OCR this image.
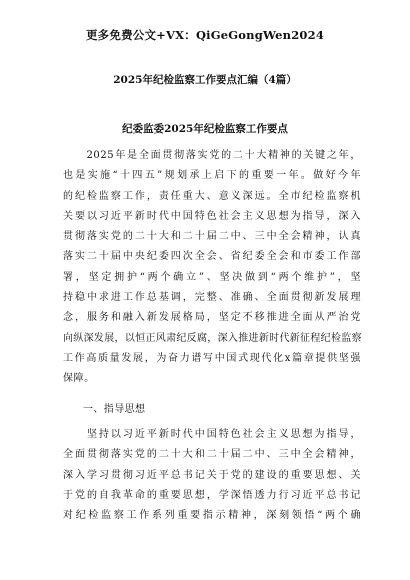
更多免费公文+VX：QiGeGongWen2024
2025年纪检监察工作要点汇编（4篇）
纪委监委2025年纪检监察工作要点
　　2025年是全面贯彻落实党的二十大精神的关键之年，
也是实施“十四五”规划承上启下的重要一年。做好今年
的纪检监察工作，责任重大、意义深远。全市纪检监察机
关要以习近平新时代中国特色社会主义思想为指导，深入
贯彻落实党的二十大和二十届二中、三中全会精神，认真
落实二十届中央纪委四次全会、省纪委全会和市委工作部
署，坚定拥护“两个确立”、坚决做到“两个维护”，坚
持稳中求进工作总基调，完整、准确、全面贯彻新发展理
念，服务和融入新发展格局，坚定不移推进全面从严治党
向纵深发展，以恒正风肃纪反腐，深入推进新时代新征程纪检监察
工作高质量发展，为奋力谱写中国式现代化x篇章提供坚强
保障。
一、指导思想
　　坚持以习近平新时代中国特色社会主义思想为指导，
全面贯彻落实党的二十大和二十届二中、三中全会精神，
深入学习贯彻习近平总书记关于党的建设的重要思想、关
于党的自我革命的重要思想，学深悟透力行习近平总书记
对纪检监察工作系列重要指示精神，深刻领悟“两个确
